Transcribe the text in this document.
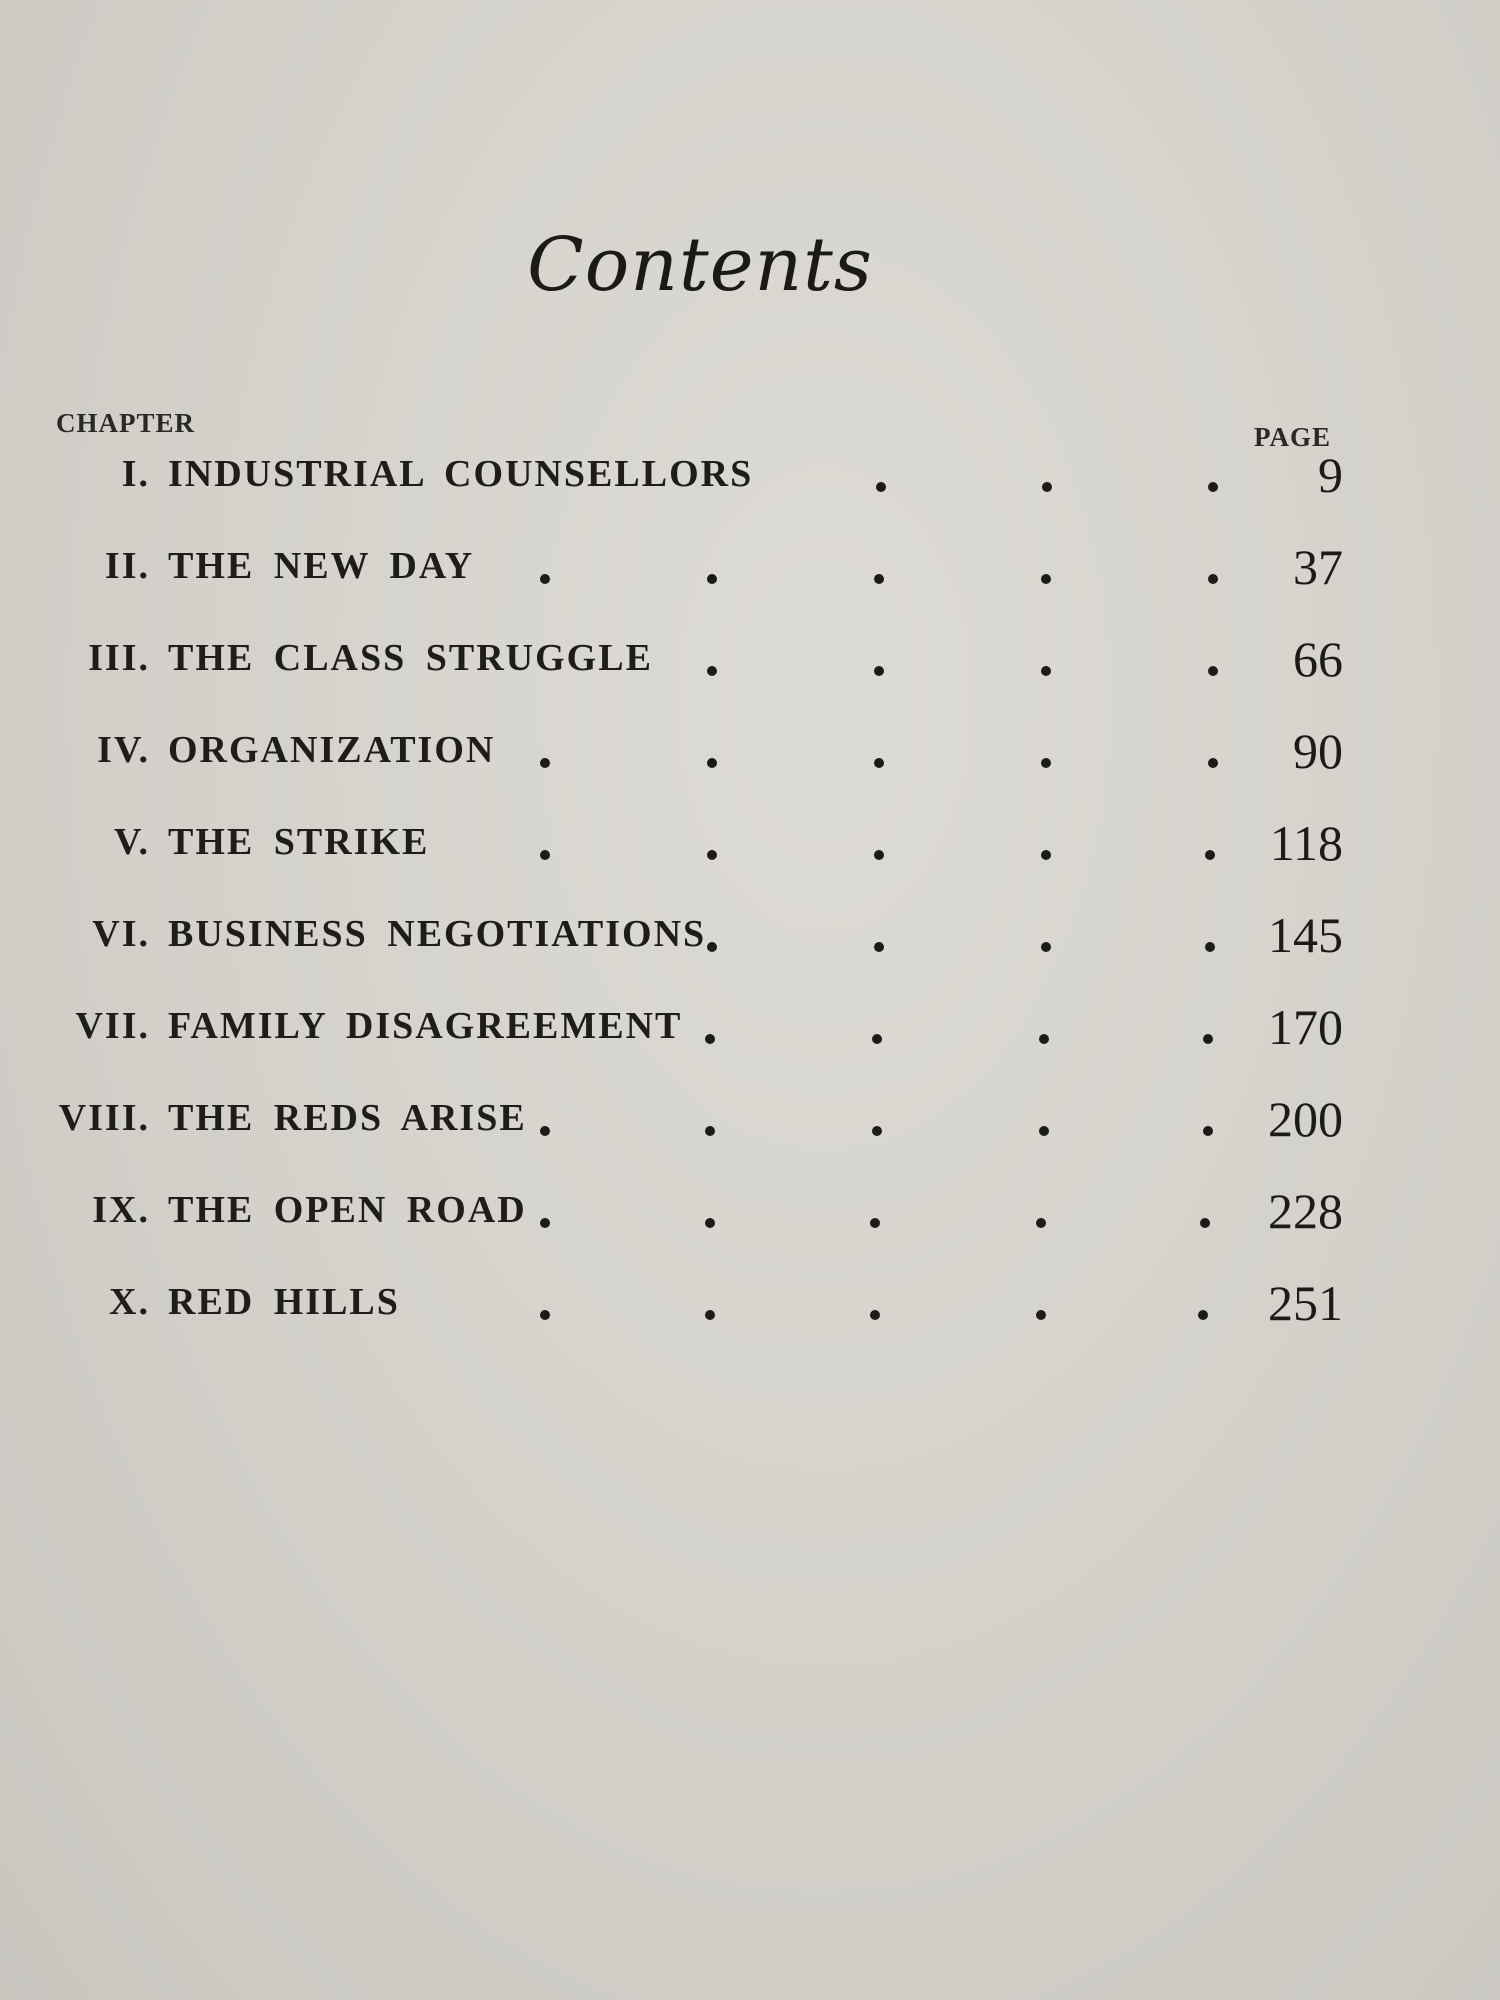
Contents
CHAPTER	PAGE
I. INDUSTRIAL COUNSELLORS	9
II. THE NEW DAY	37
III. THE CLASS STRUGGLE	66
IV. ORGANIZATION	90
V. THE STRIKE	118
VI. BUSINESS NEGOTIATIONS	145
VII. FAMILY DISAGREEMENT	170
VIII. THE REDS ARISE	200
IX. THE OPEN ROAD	228
X. RED HILLS	251
